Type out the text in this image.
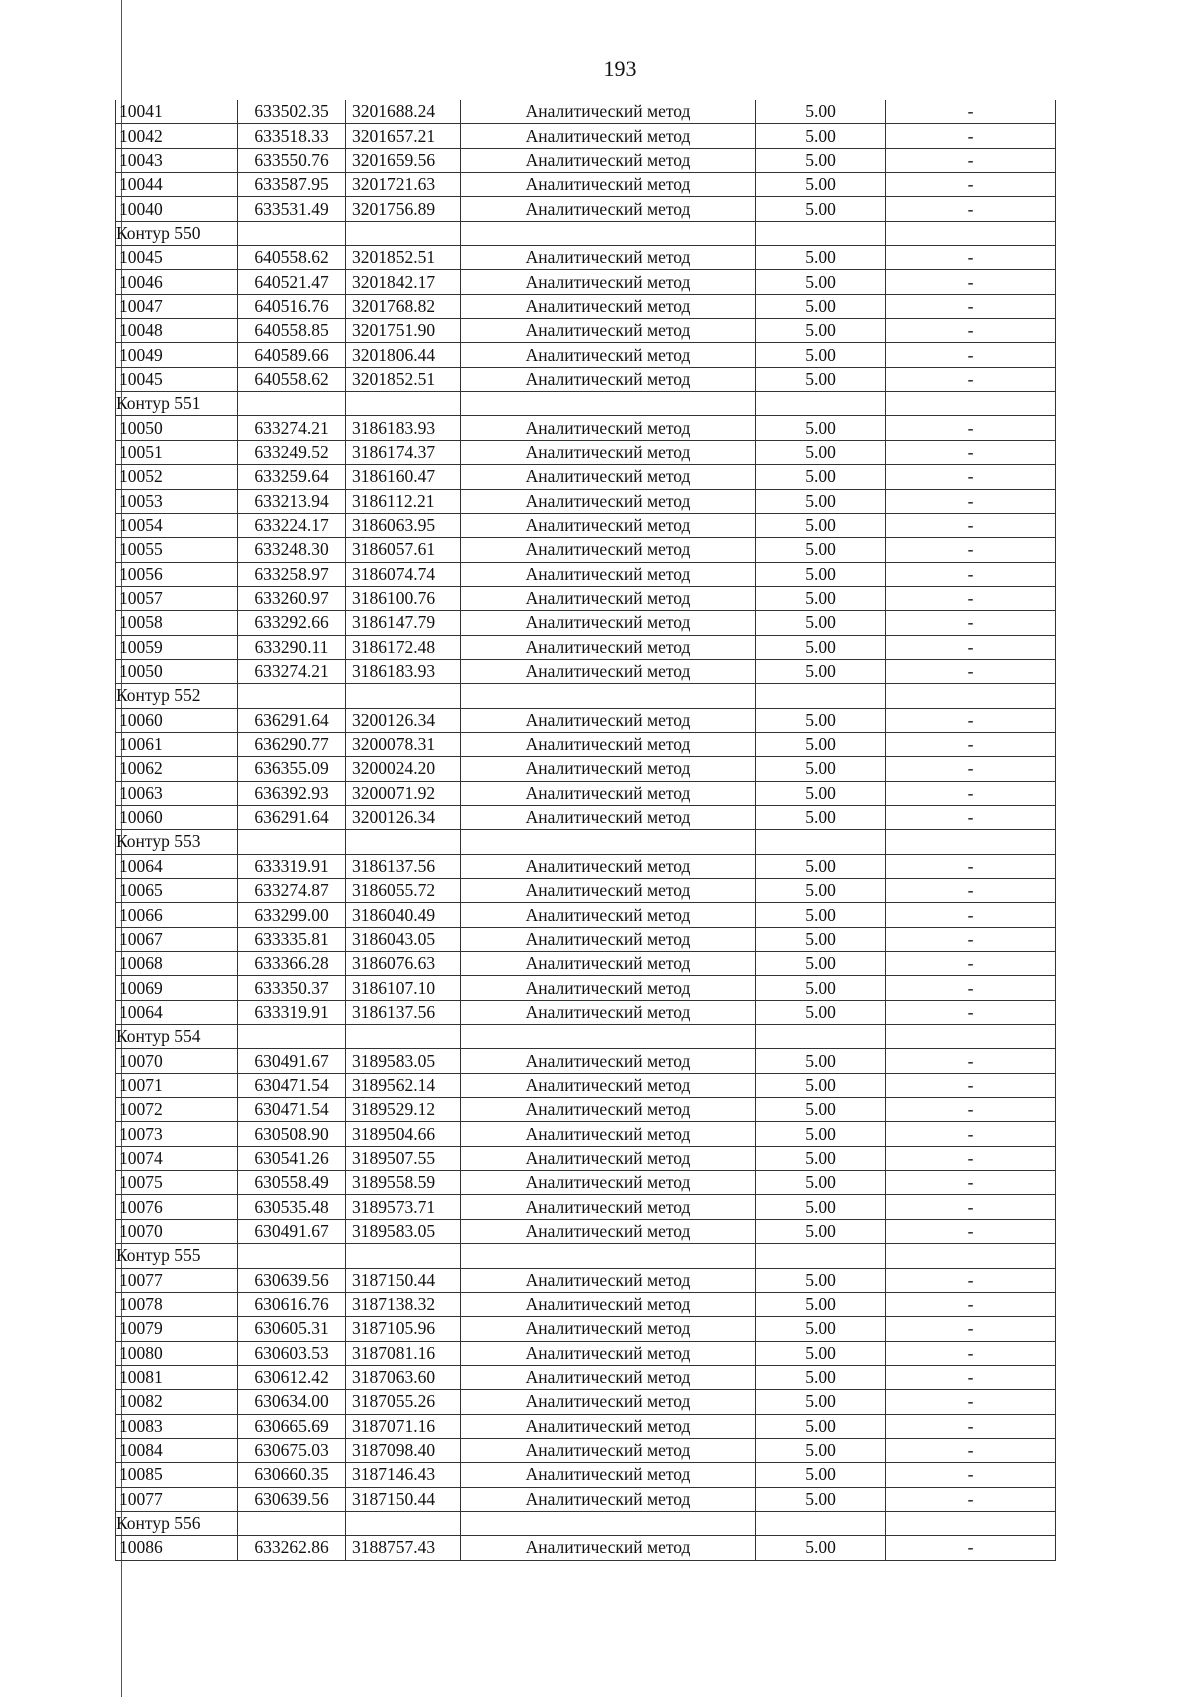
193
10041	633502.35	3201688.24	Аналитический метод	5.00	-
10042	633518.33	3201657.21	Аналитический метод	5.00	-
10043	633550.76	3201659.56	Аналитический метод	5.00	-
10044	633587.95	3201721.63	Аналитический метод	5.00	-
10040	633531.49	3201756.89	Аналитический метод	5.00	-
Контур 550					
10045	640558.62	3201852.51	Аналитический метод	5.00	-
10046	640521.47	3201842.17	Аналитический метод	5.00	-
10047	640516.76	3201768.82	Аналитический метод	5.00	-
10048	640558.85	3201751.90	Аналитический метод	5.00	-
10049	640589.66	3201806.44	Аналитический метод	5.00	-
10045	640558.62	3201852.51	Аналитический метод	5.00	-
Контур 551					
10050	633274.21	3186183.93	Аналитический метод	5.00	-
10051	633249.52	3186174.37	Аналитический метод	5.00	-
10052	633259.64	3186160.47	Аналитический метод	5.00	-
10053	633213.94	3186112.21	Аналитический метод	5.00	-
10054	633224.17	3186063.95	Аналитический метод	5.00	-
10055	633248.30	3186057.61	Аналитический метод	5.00	-
10056	633258.97	3186074.74	Аналитический метод	5.00	-
10057	633260.97	3186100.76	Аналитический метод	5.00	-
10058	633292.66	3186147.79	Аналитический метод	5.00	-
10059	633290.11	3186172.48	Аналитический метод	5.00	-
10050	633274.21	3186183.93	Аналитический метод	5.00	-
Контур 552					
10060	636291.64	3200126.34	Аналитический метод	5.00	-
10061	636290.77	3200078.31	Аналитический метод	5.00	-
10062	636355.09	3200024.20	Аналитический метод	5.00	-
10063	636392.93	3200071.92	Аналитический метод	5.00	-
10060	636291.64	3200126.34	Аналитический метод	5.00	-
Контур 553					
10064	633319.91	3186137.56	Аналитический метод	5.00	-
10065	633274.87	3186055.72	Аналитический метод	5.00	-
10066	633299.00	3186040.49	Аналитический метод	5.00	-
10067	633335.81	3186043.05	Аналитический метод	5.00	-
10068	633366.28	3186076.63	Аналитический метод	5.00	-
10069	633350.37	3186107.10	Аналитический метод	5.00	-
10064	633319.91	3186137.56	Аналитический метод	5.00	-
Контур 554					
10070	630491.67	3189583.05	Аналитический метод	5.00	-
10071	630471.54	3189562.14	Аналитический метод	5.00	-
10072	630471.54	3189529.12	Аналитический метод	5.00	-
10073	630508.90	3189504.66	Аналитический метод	5.00	-
10074	630541.26	3189507.55	Аналитический метод	5.00	-
10075	630558.49	3189558.59	Аналитический метод	5.00	-
10076	630535.48	3189573.71	Аналитический метод	5.00	-
10070	630491.67	3189583.05	Аналитический метод	5.00	-
Контур 555					
10077	630639.56	3187150.44	Аналитический метод	5.00	-
10078	630616.76	3187138.32	Аналитический метод	5.00	-
10079	630605.31	3187105.96	Аналитический метод	5.00	-
10080	630603.53	3187081.16	Аналитический метод	5.00	-
10081	630612.42	3187063.60	Аналитический метод	5.00	-
10082	630634.00	3187055.26	Аналитический метод	5.00	-
10083	630665.69	3187071.16	Аналитический метод	5.00	-
10084	630675.03	3187098.40	Аналитический метод	5.00	-
10085	630660.35	3187146.43	Аналитический метод	5.00	-
10077	630639.56	3187150.44	Аналитический метод	5.00	-
Контур 556					
10086	633262.86	3188757.43	Аналитический метод	5.00	-
